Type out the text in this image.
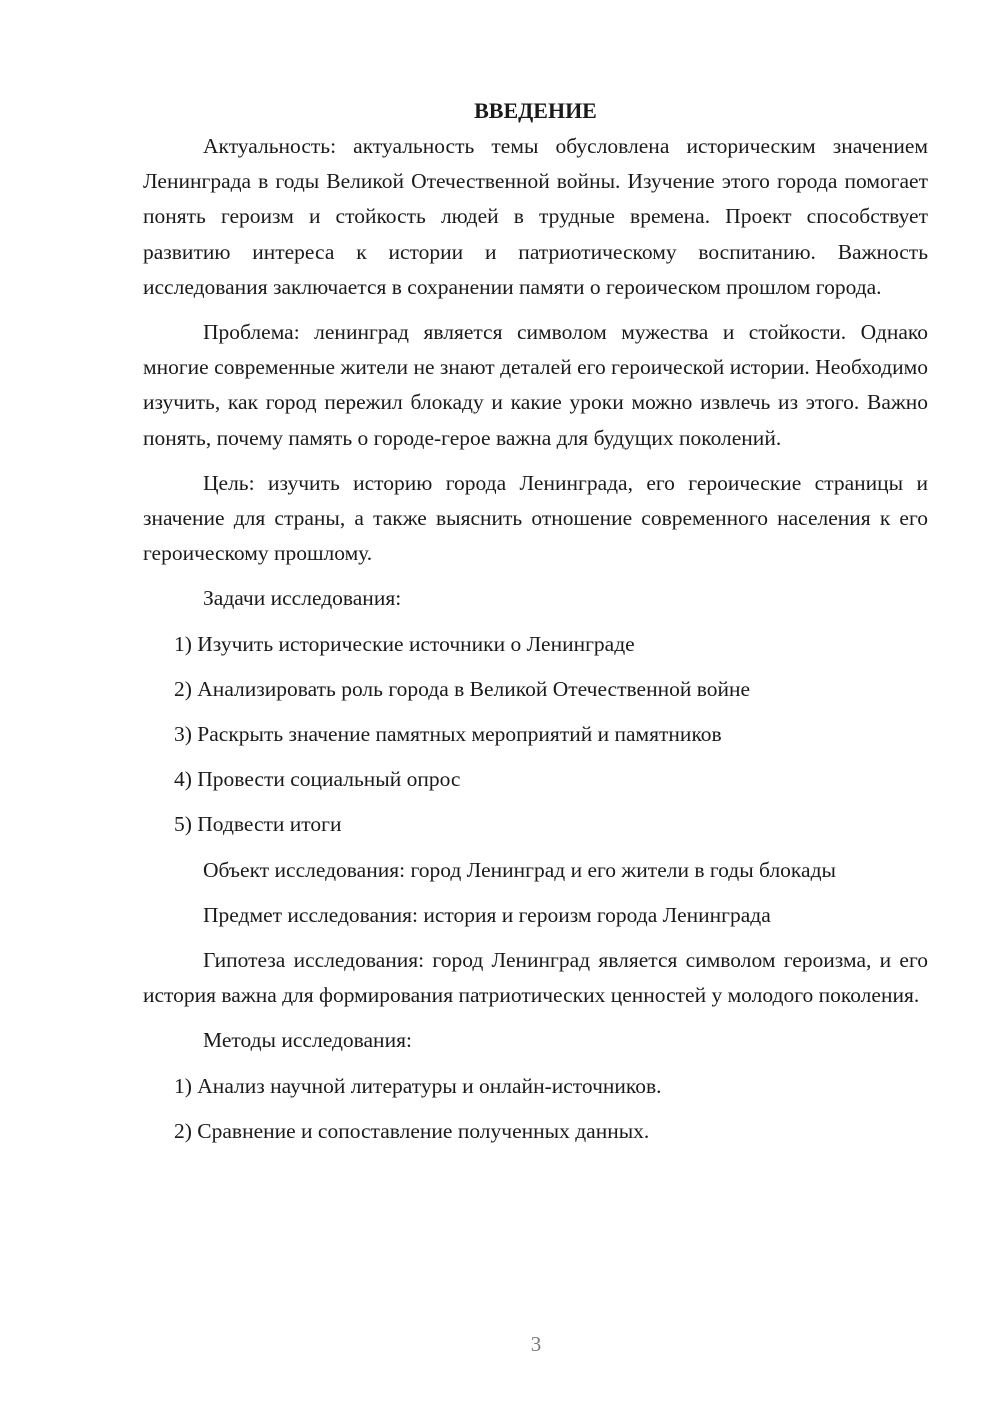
ВВЕДЕНИЕ

Актуальность: актуальность темы обусловлена историческим значением Ленинграда в годы Великой Отечественной войны. Изучение этого города помогает понять героизм и стойкость людей в трудные времена. Проект способствует развитию интереса к истории и патриотическому воспитанию. Важность исследования заключается в сохранении памяти о героическом прошлом города.

Проблема: ленинград является символом мужества и стойкости. Однако многие современные жители не знают деталей его героической истории. Необходимо изучить, как город пережил блокаду и какие уроки можно извлечь из этого. Важно понять, почему память о городе-герое важна для будущих поколений.

Цель: изучить историю города Ленинграда, его героические страницы и значение для страны, а также выяснить отношение современного населения к его героическому прошлому.

Задачи исследования:

1) Изучить исторические источники о Ленинграде
2) Анализировать роль города в Великой Отечественной войне
3) Раскрыть значение памятных мероприятий и памятников
4) Провести социальный опрос
5) Подвести итоги

Объект исследования: город Ленинград и его жители в годы блокады

Предмет исследования: история и героизм города Ленинграда

Гипотеза исследования: город Ленинград является символом героизма, и его история важна для формирования патриотических ценностей у молодого поколения.

Методы исследования:

1) Анализ научной литературы и онлайн-источников.
2) Сравнение и сопоставление полученных данных.
3
